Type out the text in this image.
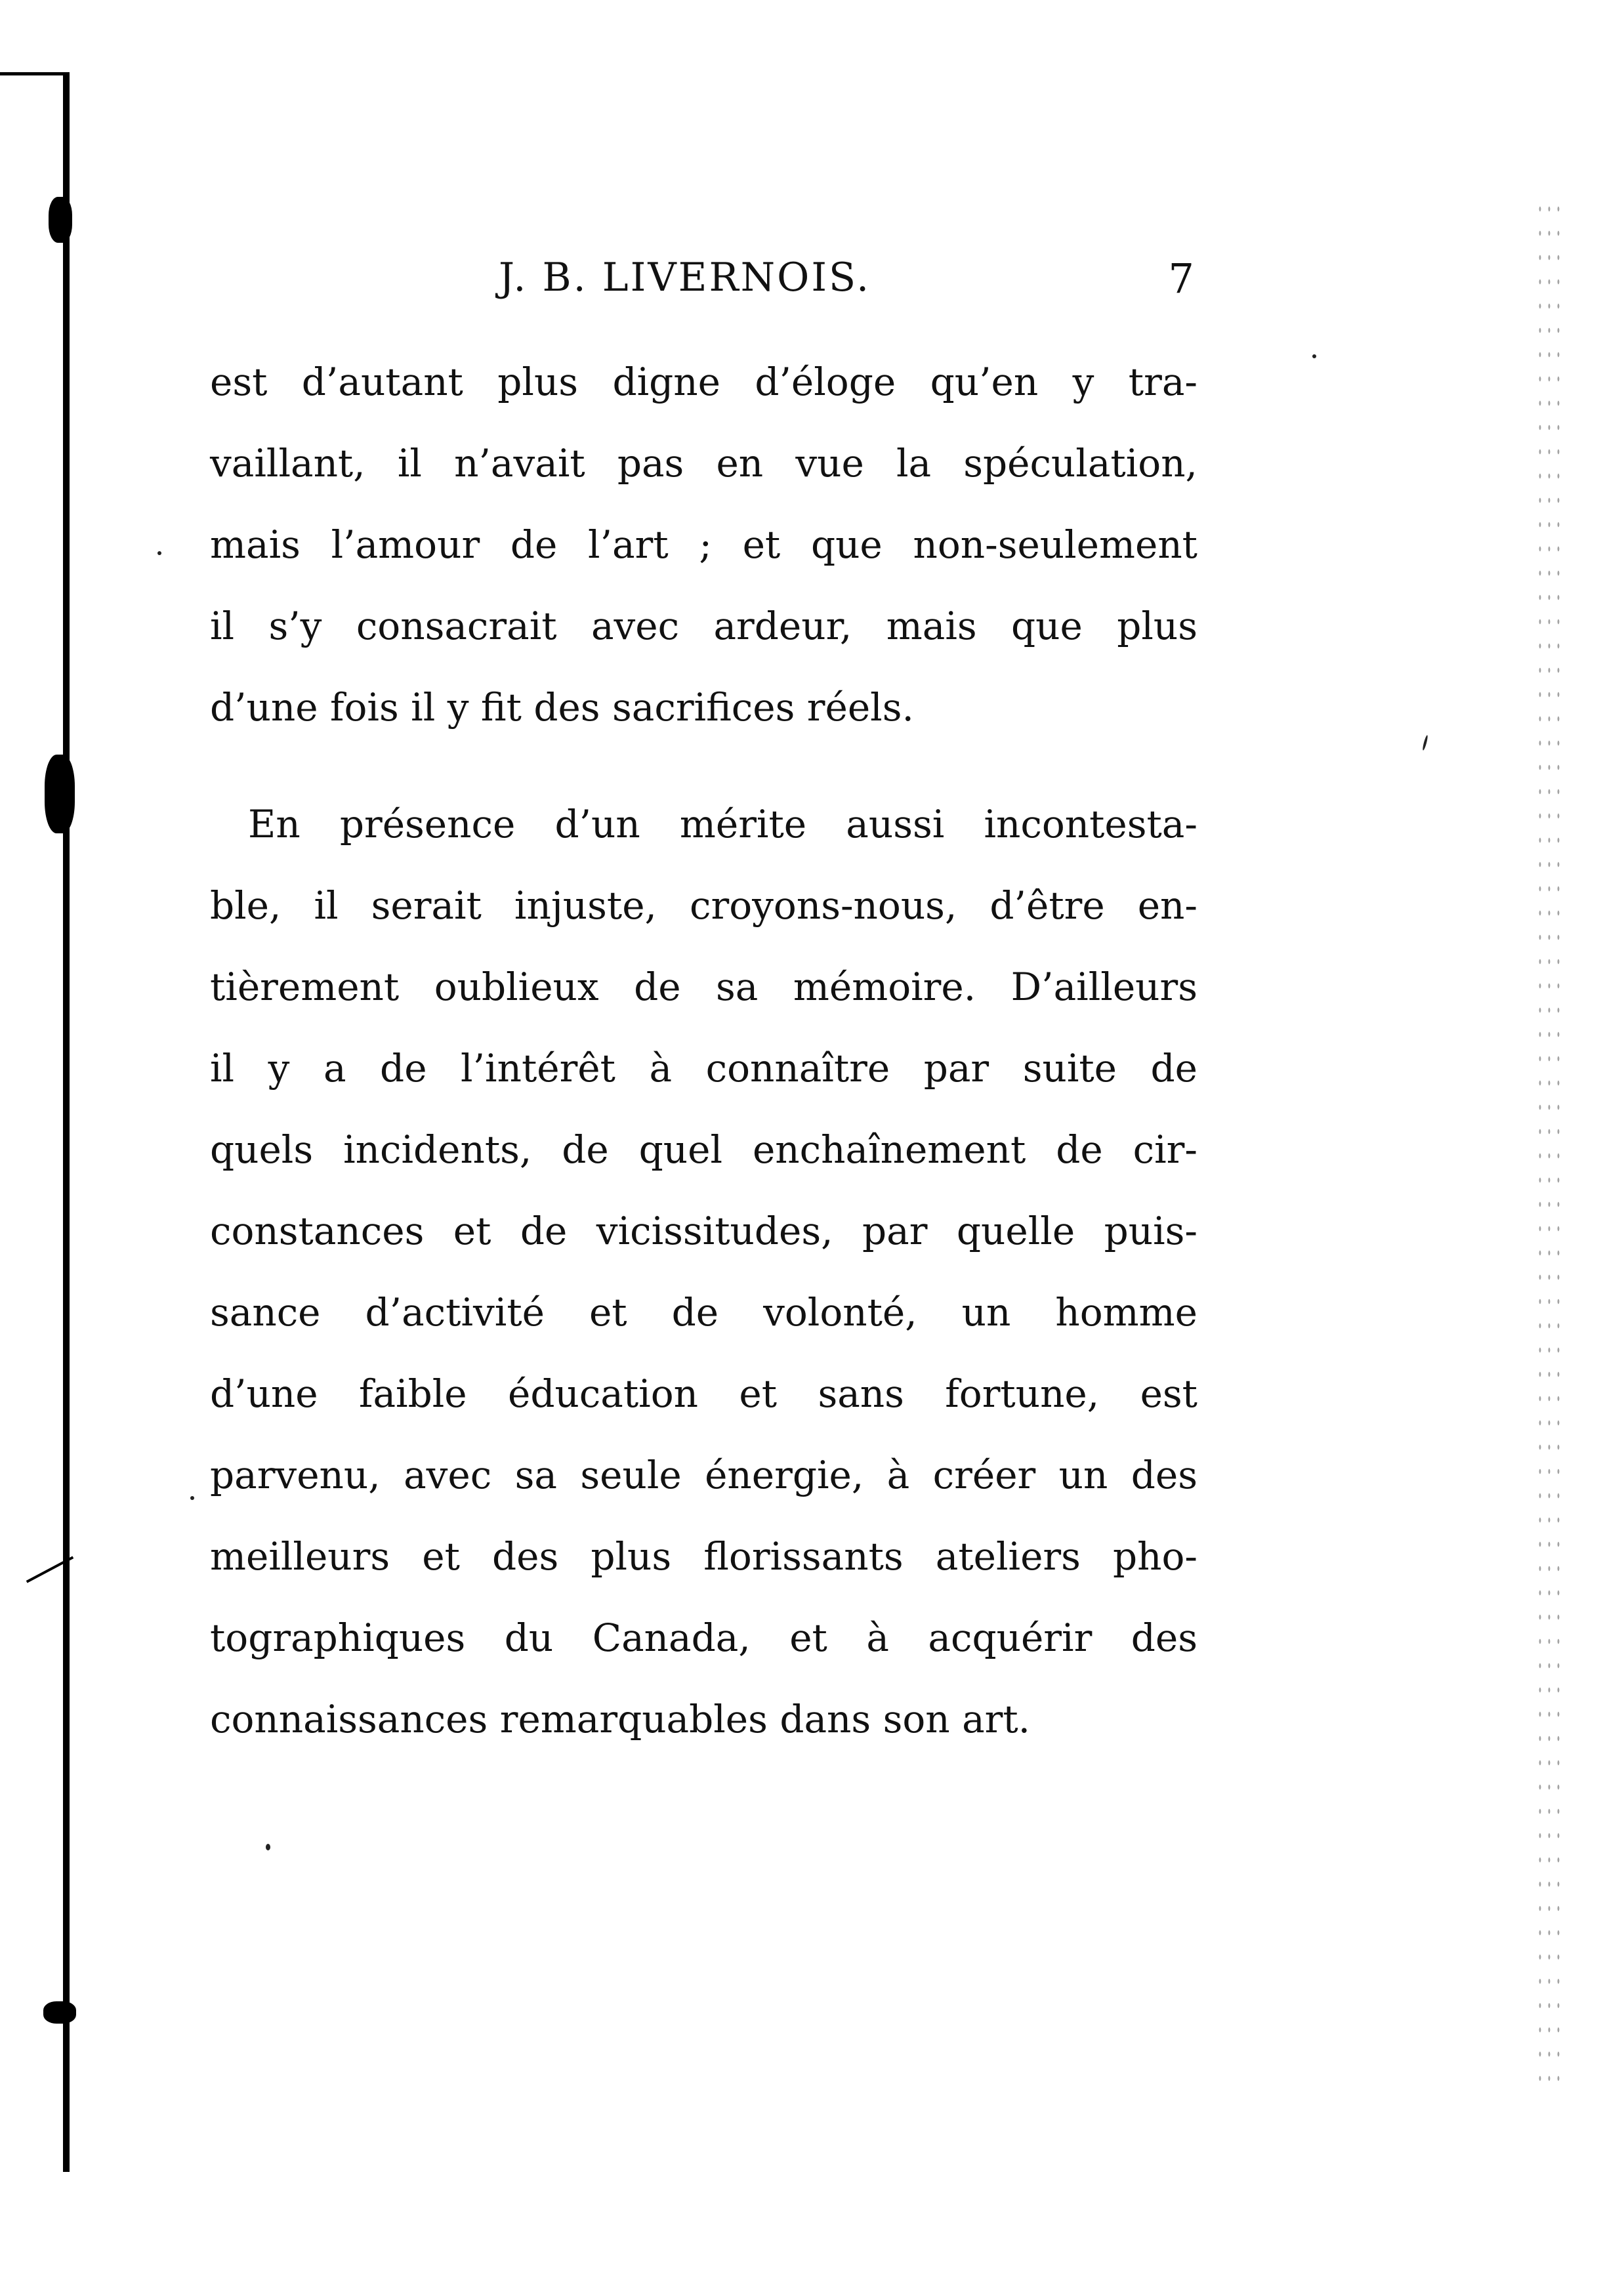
J. B. LIVERNOIS.	7

est d’autant plus digne d’éloge qu’en y tra-
vaillant, il n’avait pas en vue la spéculation,
mais l’amour de l’art ; et que non-seulement
il s’y consacrait avec ardeur, mais que plus
d’une fois il y fit des sacrifices réels.

En présence d’un mérite aussi incontesta-
ble, il serait injuste, croyons-nous, d’être en-
tièrement oublieux de sa mémoire. D’ailleurs
il y a de l’intérêt à connaître par suite de
quels incidents, de quel enchaînement de cir-
constances et de vicissitudes, par quelle puis-
sance d’activité et de volonté, un homme
d’une faible éducation et sans fortune, est
parvenu, avec sa seule énergie, à créer un des
meilleurs et des plus florissants ateliers pho-
tographiques du Canada, et à acquérir des
connaissances remarquables dans son art.
